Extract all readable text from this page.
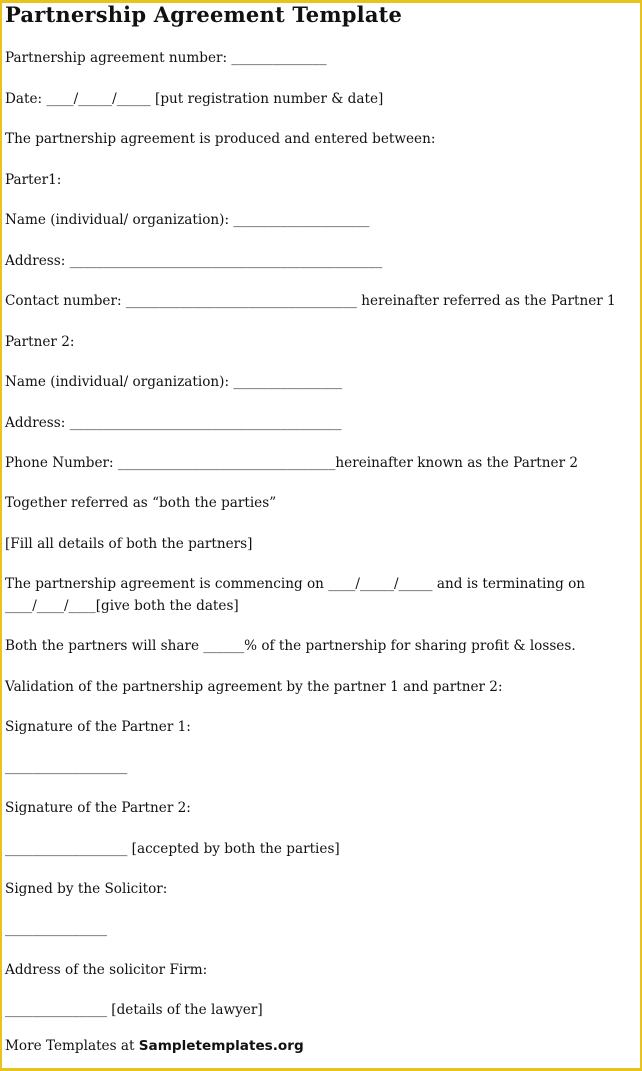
Partnership Agreement Template
Partnership agreement number: ______________
Date: ____/_____/_____ [put registration number & date]
The partnership agreement is produced and entered between:
Parter1:
Name (individual/ organization): ____________________
Address: ______________________________________________
Contact number: __________________________________ hereinafter referred as the Partner 1
Partner 2:
Name (individual/ organization): ________________
Address: ________________________________________
Phone Number: ________________________________hereinafter known as the Partner 2
Together referred as “both the parties”
[Fill all details of both the partners]
The partnership agreement is commencing on ____/_____/_____ and is terminating on
____/____/____[give both the dates]
Both the partners will share ______% of the partnership for sharing profit & losses.
Validation of the partnership agreement by the partner 1 and partner 2:
Signature of the Partner 1:
__________________
Signature of the Partner 2:
__________________ [accepted by both the parties]
Signed by the Solicitor:
_______________
Address of the solicitor Firm:
_______________ [details of the lawyer]
More Templates at Sampletemplates.org
